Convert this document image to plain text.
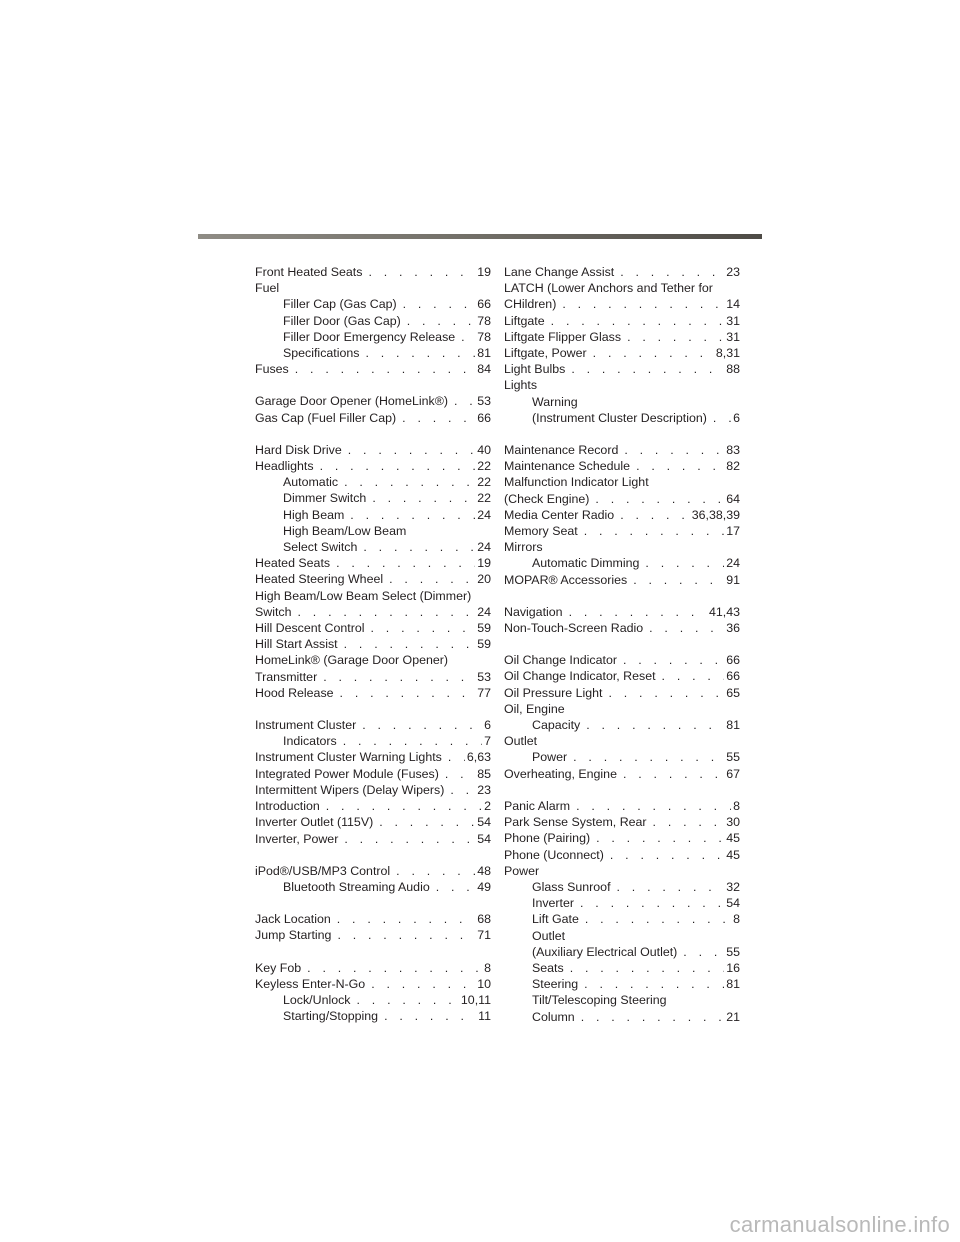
Front Heated Seats . . .	19
Fuel
Filler Cap (Gas Cap) . . .	66
Filler Door (Gas Cap) . . .	78
Filler Door Emergency Release . . . 78
Specifications . . .	81
Fuses . . .	84
Garage Door Opener (HomeLink®) . . . 53
Gas Cap (Fuel Filler Cap) . . .	66
Hard Disk Drive . . .	40
Headlights . . .	22
Automatic . . .	22
Dimmer Switch . . .	22
High Beam . . .	24
High Beam/Low Beam
Select Switch . . .	24
Heated Seats . . .	19
Heated Steering Wheel . . .	20
High Beam/Low Beam Select (Dimmer)
Switch . . .	24
Hill Descent Control . . .	59
Hill Start Assist . . .	59
HomeLink® (Garage Door Opener)
Transmitter . . .	53
Hood Release . . .	77
Instrument Cluster . . .	6
Indicators . . .	7
Instrument Cluster Warning Lights . . . 6,63
Integrated Power Module (Fuses) . . .	85
Intermittent Wipers (Delay Wipers) . . .	23
Introduction . . .	2
Inverter Outlet (115V) . . .	54
Inverter, Power . . .	54
iPod®/USB/MP3 Control . . .	48
Bluetooth Streaming Audio . . .	49
Jack Location . . .	68
Jump Starting . . .	71
Key Fob . . .	8
Keyless Enter-N-Go . . .	10
Lock/Unlock . . .	10,11
Starting/Stopping . . .	11
Lane Change Assist . . .	23
LATCH (Lower Anchors and Tether for
CHildren) . . .	14
Liftgate . . .	31
Liftgate Flipper Glass . . .	31
Liftgate, Power . . .	8,31
Light Bulbs . . .	88
Lights
Warning
(Instrument Cluster Description) . . . 6
Maintenance Record . . .	83
Maintenance Schedule . . .	82
Malfunction Indicator Light
(Check Engine) . . .	64
Media Center Radio . . .	36,38,39
Memory Seat . . .	17
Mirrors
Automatic Dimming . . .	24
MOPAR® Accessories . . .	91
Navigation . . .	41,43
Non-Touch-Screen Radio . . .	36
Oil Change Indicator . . .	66
Oil Change Indicator, Reset . . .	66
Oil Pressure Light . . .	65
Oil, Engine
Capacity . . .	81
Outlet
Power . . .	55
Overheating, Engine . . .	67
Panic Alarm . . .	8
Park Sense System, Rear . . .	30
Phone (Pairing) . . .	45
Phone (Uconnect) . . .	45
Power
Glass Sunroof . . .	32
Inverter . . .	54
Lift Gate . . .	8
Outlet
(Auxiliary Electrical Outlet) . . .	55
Seats . . .	16
Steering . . .	81
Tilt/Telescoping Steering
Column . . .	21
carmanualsonline.info
